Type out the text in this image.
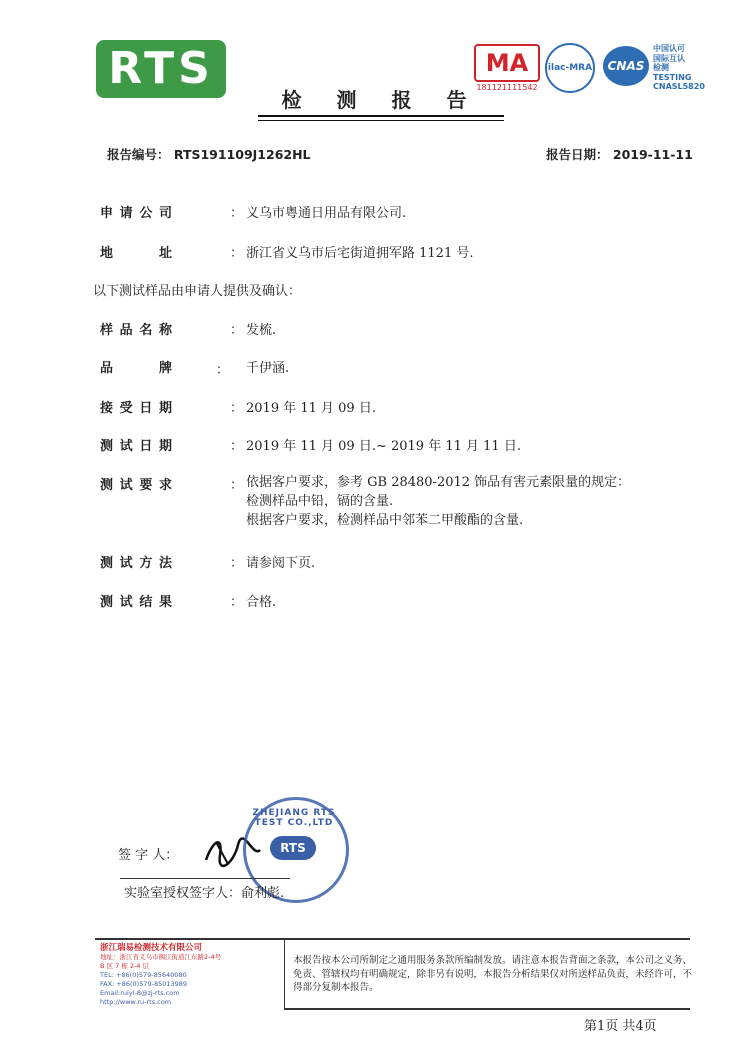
RTS	MA
181121111542
ilac-MRA	CNAS
中国认可
国际互认
检测
TESTING
CNASL5820
检 测 报 告
报告编号： RTS191109J1262HL	报告日期： 2019-11-11
申请公司	： 义乌市粤通日用品有限公司.
地址	： 浙江省义乌市后宅街道拥军路 1121 号.
以下测试样品由申请人提供及确认：
样品名称	： 发梳.
品牌	： 千伊涵.
接受日期	： 2019 年 11 月 09 日.
测试日期	： 2019 年 11 月 09 日.~ 2019 年 11 月 11 日.
测试要求	： 依据客户要求，参考 GB 28480-2012 饰品有害元素限量的规定：
检测样品中铅，镉的含量.
根据客户要求，检测样品中邻苯二甲酸酯的含量.
测试方法	： 请参阅下页.
测试结果	： 合格.
签 字 人：
ZHEJIANG RTS TEST CO.,LTD
RTS
实验室授权签字人：俞利彪.
浙江瑞易检测技术有限公司
地址：浙江省义乌市稠江街道江东路2-4号
B 区 7 栋 2-4 层
TEL: +86(0)579-85640080
FAX: +86(0)579-85013989
Email:ruiyi-8@zj-rts.com
http://www.ru-rts.com
本报告按本公司所制定之通用服务条款所编制发放。请注意本报告背面之条款，本公司之义务、免责、管辖权均有明确规定，除非另有说明，本报告分析结果仅对所送样品负责，未经许可，不得部分复制本报告。
第1页 共4页
